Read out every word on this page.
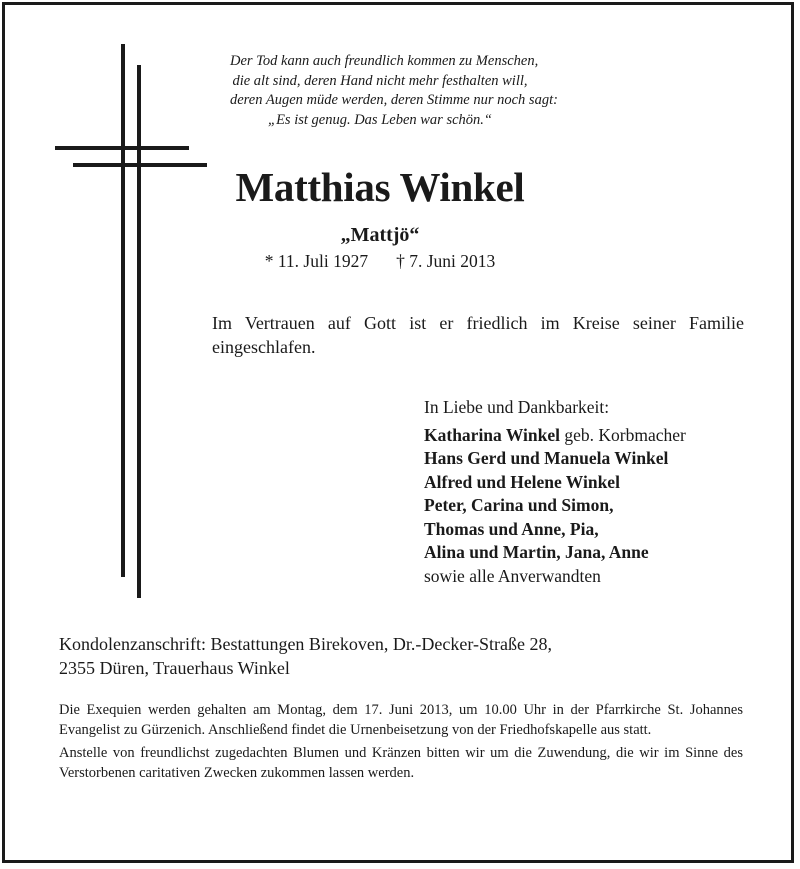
Der Tod kann auch freundlich kommen zu Menschen,
die alt sind, deren Hand nicht mehr festhalten will,
deren Augen müde werden, deren Stimme nur noch sagt:
„Es ist genug. Das Leben war schön.“
Matthias Winkel
„Mattjö“
* 11. Juli 1927 † 7. Juni 2013
Im Vertrauen auf Gott ist er friedlich im Kreise seiner Familie eingeschlafen.
In Liebe und Dankbarkeit:
Katharina Winkel geb. Korbmacher
Hans Gerd und Manuela Winkel
Alfred und Helene Winkel
Peter, Carina und Simon,
Thomas und Anne, Pia,
Alina und Martin, Jana, Anne
sowie alle Anverwandten
Kondolenzanschrift: Bestattungen Birekoven, Dr.-Decker-Straße 28,
2355 Düren, Trauerhaus Winkel

Die Exequien werden gehalten am Montag, dem 17. Juni 2013, um 10.00 Uhr in der Pfarrkirche St. Johannes Evangelist zu Gürzenich. Anschließend findet die Urnenbeisetzung von der Friedhofskapelle aus statt.

Anstelle von freundlichst zugedachten Blumen und Kränzen bitten wir um die Zuwendung, die wir im Sinne des Verstorbenen caritativen Zwecken zukommen lassen werden.
